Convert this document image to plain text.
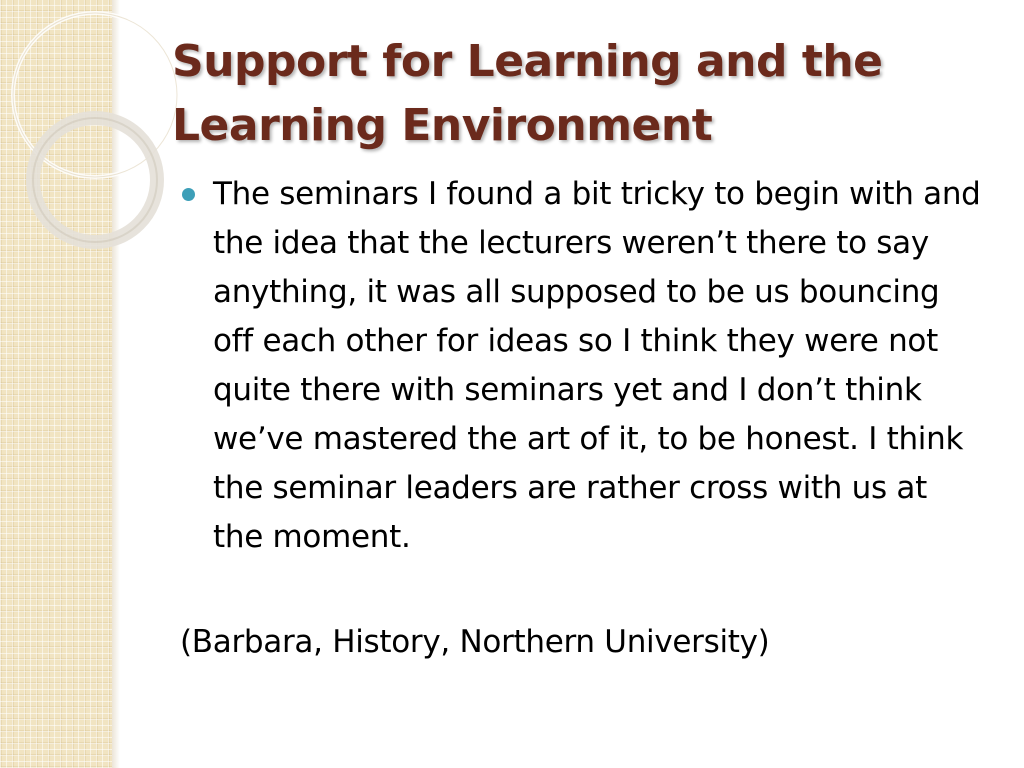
Support for Learning and the Learning Environment
The seminars I found a bit tricky to begin with and the idea that the lecturers weren’t there to say anything, it was all supposed to be us bouncing off each other for ideas so I think they were not quite there with seminars yet and I don’t think we’ve mastered the art of it, to be honest. I think the seminar leaders are rather cross with us at the moment.

(Barbara, History, Northern University)
